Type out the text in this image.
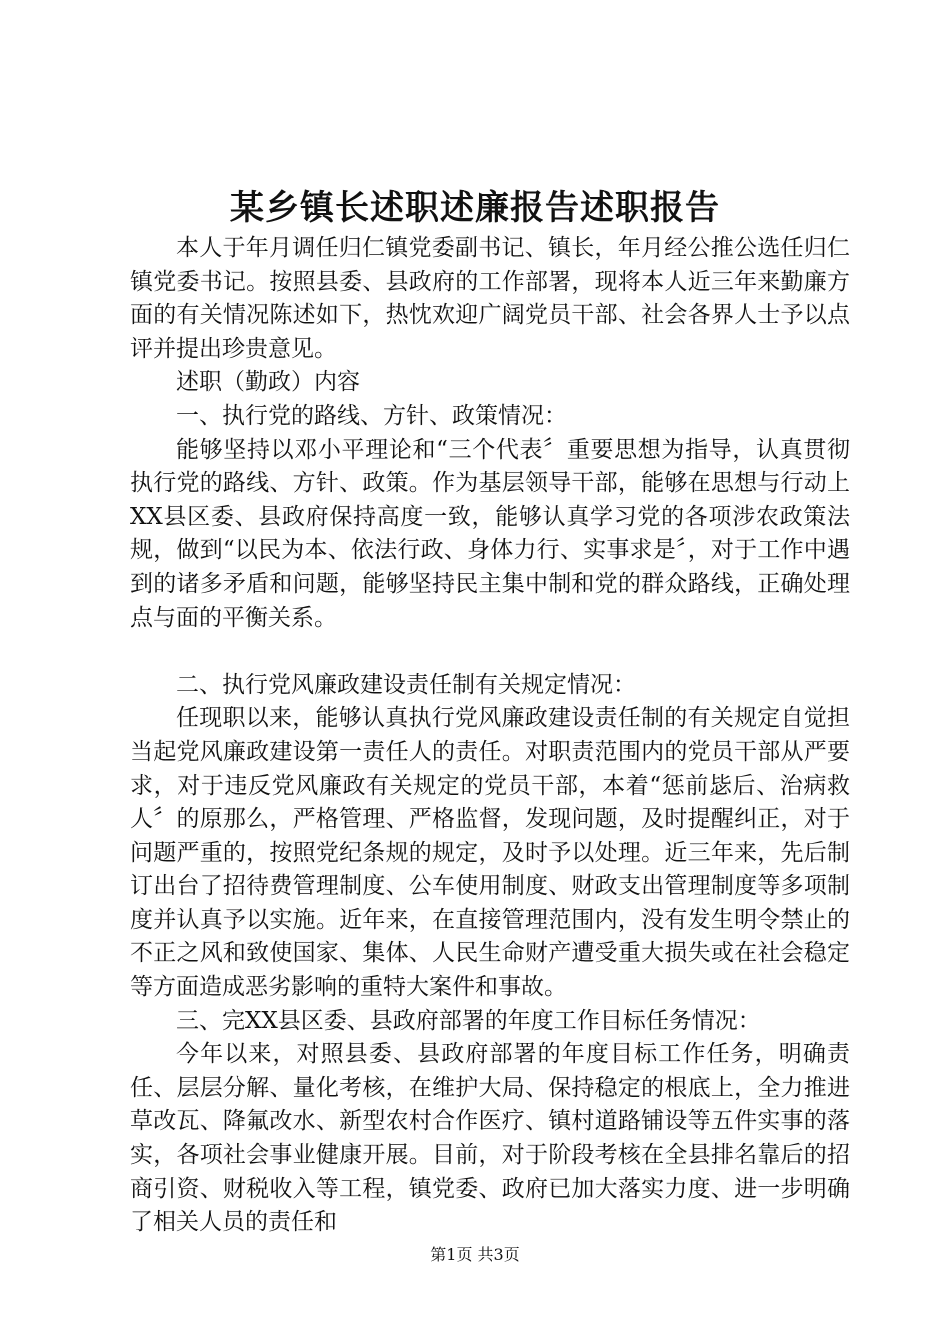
某乡镇长述职述廉报告述职报告

本人于年月调任归仁镇党委副书记、镇长，年月经公推公选任归仁镇党委书记。按照县委、县政府的工作部署，现将本人近三年来勤廉方面的有关情况陈述如下，热忱欢迎广阔党员干部、社会各界人士予以点评并提出珍贵意见。

述职（勤政）内容

一、执行党的路线、方针、政策情况：

能够坚持以邓小平理论和“三个代表〞重要思想为指导，认真贯彻执行党的路线、方针、政策。作为基层领导干部，能够在思想与行动上XX县区委、县政府保持高度一致，能够认真学习党的各项涉农政策法规，做到“以民为本、依法行政、身体力行、实事求是〞，对于工作中遇到的诸多矛盾和问题，能够坚持民主集中制和党的群众路线，正确处理点与面的平衡关系。

二、执行党风廉政建设责任制有关规定情况：

任现职以来，能够认真执行党风廉政建设责任制的有关规定自觉担当起党风廉政建设第一责任人的责任。对职责范围内的党员干部从严要求，对于违反党风廉政有关规定的党员干部，本着“惩前毖后、治病救人〞的原那么，严格管理、严格监督，发现问题，及时提醒纠正，对于问题严重的，按照党纪条规的规定，及时予以处理。近三年来，先后制订出台了招待费管理制度、公车使用制度、财政支出管理制度等多项制度并认真予以实施。近年来，在直接管理范围内，没有发生明令禁止的不正之风和致使国家、集体、人民生命财产遭受重大损失或在社会稳定等方面造成恶劣影响的重特大案件和事故。

三、完XX县区委、县政府部署的年度工作目标任务情况：

今年以来，对照县委、县政府部署的年度目标工作任务，明确责任、层层分解、量化考核，在维护大局、保持稳定的根底上，全力推进草改瓦、降氟改水、新型农村合作医疗、镇村道路铺设等五件实事的落实，各项社会事业健康开展。目前，对于阶段考核在全县排名靠后的招商引资、财税收入等工程，镇党委、政府已加大落实力度、进一步明确了相关人员的责任和

第1页 共3页
